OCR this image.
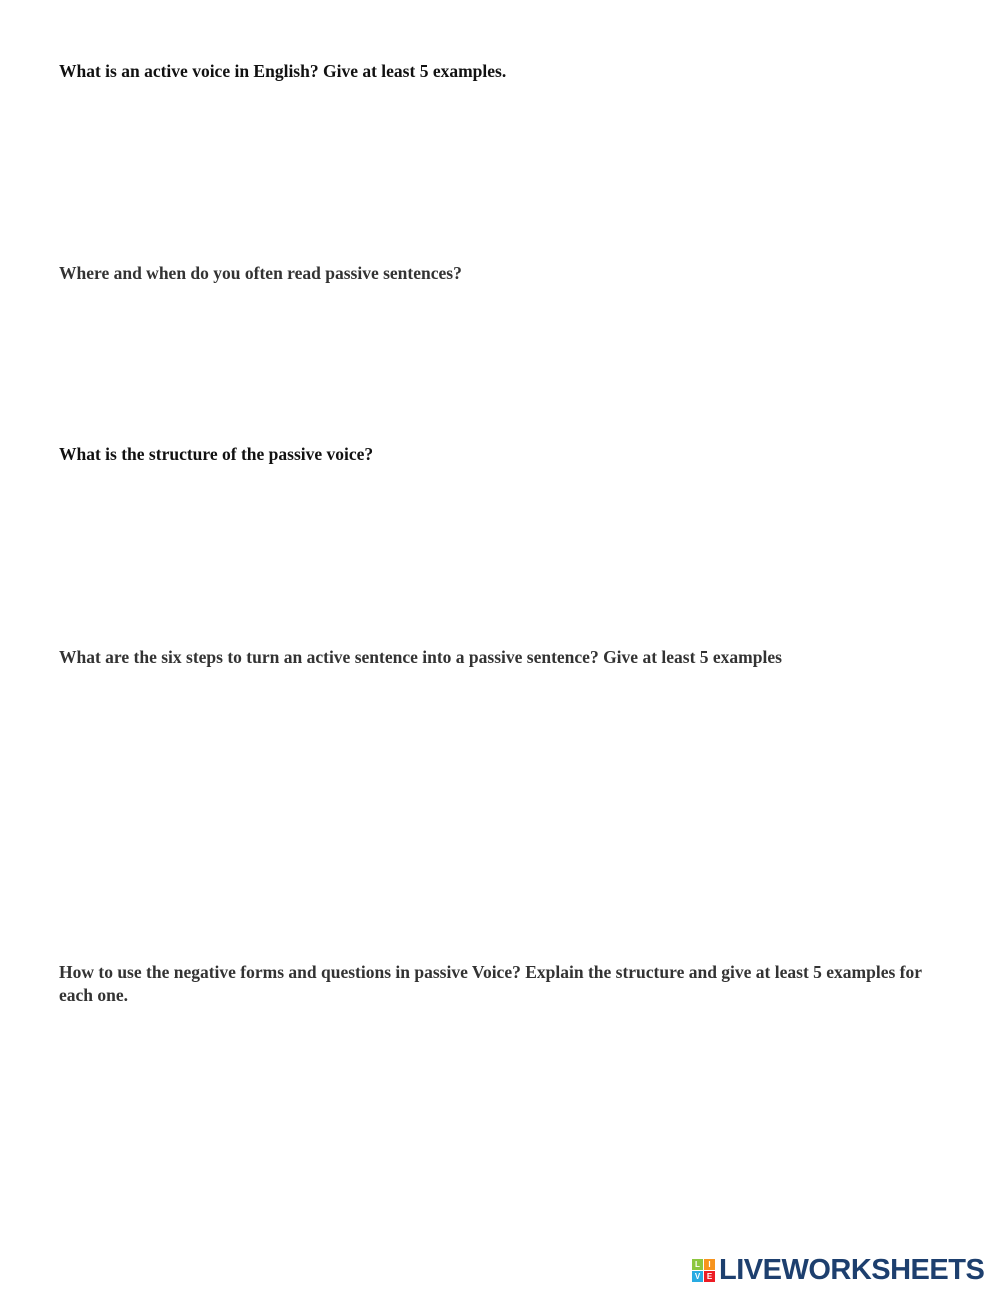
What is an active voice in English? Give at least 5 examples.

Where and when do you often read passive sentences?

What is the structure of the passive voice?

What are the six steps to turn an active sentence into a passive sentence? Give at least 5 examples

How to use the negative forms and questions in passive Voice? Explain the structure and give at least 5 examples for each one.

L	I
V E LIVEWORKSHEETS
